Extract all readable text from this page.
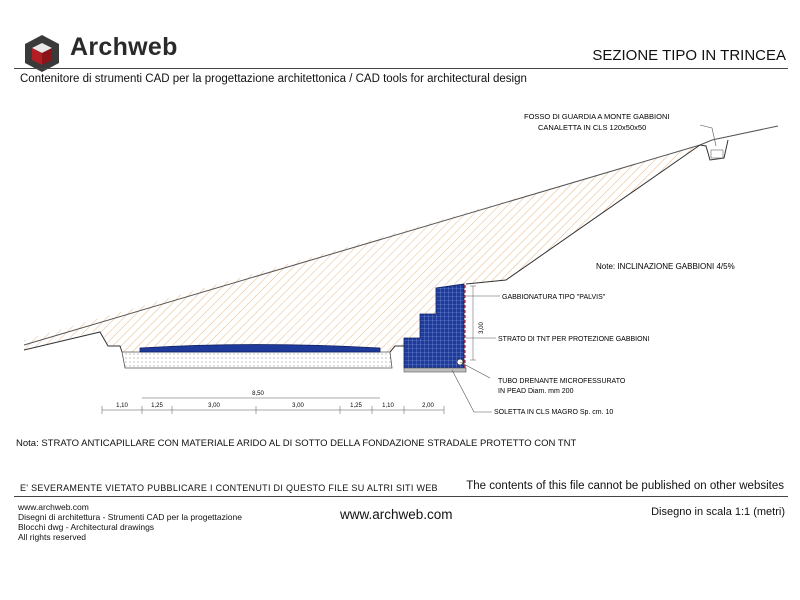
Archweb	SEZIONE TIPO IN TRINCEA
Contenitore di strumenti CAD per la progettazione architettonica / CAD tools for architectural design
3,00
8,50
1,10	1,25	3,00	3,00	1,25	1,10	2,00
FOSSO DI GUARDIA A MONTE GABBIONI
CANALETTA IN CLS 120x50x50
Note: INCLINAZIONE GABBIONI 4/5%
GABBIONATURA TIPO "PALVIS"
STRATO DI TNT PER PROTEZIONE GABBIONI
TUBO DRENANTE MICROFESSURATO
IN PEAD Diam. mm 200
SOLETTA IN CLS MAGRO Sp. cm. 10
Nota: STRATO ANTICAPILLARE CON MATERIALE ARIDO AL DI SOTTO DELLA FONDAZIONE STRADALE PROTETTO CON TNT
E' SEVERAMENTE VIETATO PUBBLICARE I CONTENUTI DI QUESTO FILE SU ALTRI SITI WEB The contents of this file cannot be published on other websites
www.archweb.com
Disegni di architettura - Strumenti CAD per la progettazione
Blocchi dwg - Architectural drawings
All rights reserved
www.archweb.com	Disegno in scala 1:1 (metri)
